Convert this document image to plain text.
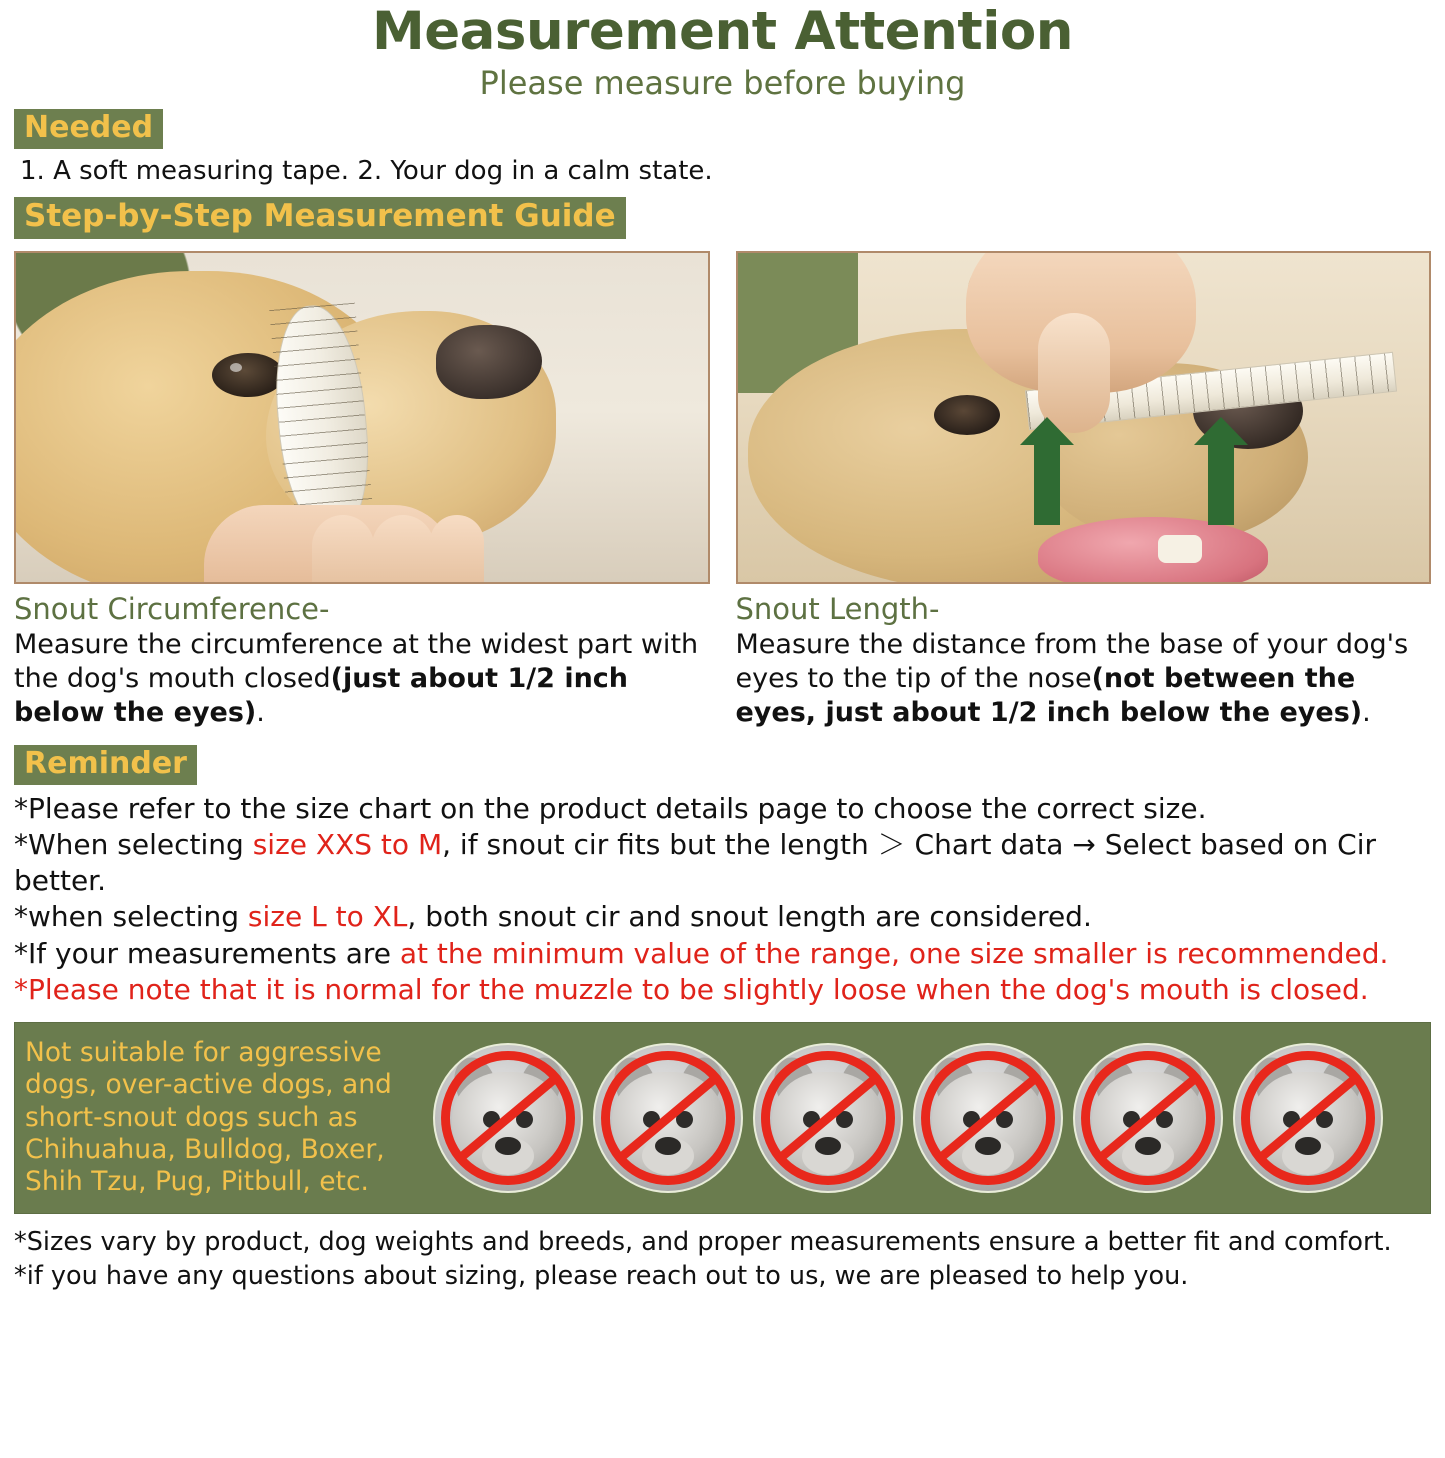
Measurement Attention
Please measure before buying
Needed
1. A soft measuring tape. 2. Your dog in a calm state.
Step-by-Step Measurement Guide
Snout Circumference-
Measure the circumference at the widest part with the dog's mouth closed(just about 1/2 inch below the eyes).
Snout Length-
Measure the distance from the base of your dog's eyes to the tip of the nose(not between the eyes, just about 1/2 inch below the eyes).
Reminder
*Please refer to the size chart on the product details page to choose the correct size.
*When selecting size XXS to M, if snout cir fits but the length ＞ Chart data → Select based on Cir better.
*when selecting size L to XL, both snout cir and snout length are considered.
*If your measurements are at the minimum value of the range, one size smaller is recommended.
*Please note that it is normal for the muzzle to be slightly loose when the dog's mouth is closed.
Not suitable for aggressive dogs, over-active dogs, and short-snout dogs such as Chihuahua, Bulldog, Boxer, Shih Tzu, Pug, Pitbull, etc.
*Sizes vary by product, dog weights and breeds, and proper measurements ensure a better fit and comfort.
*if you have any questions about sizing, please reach out to us, we are pleased to help you.
